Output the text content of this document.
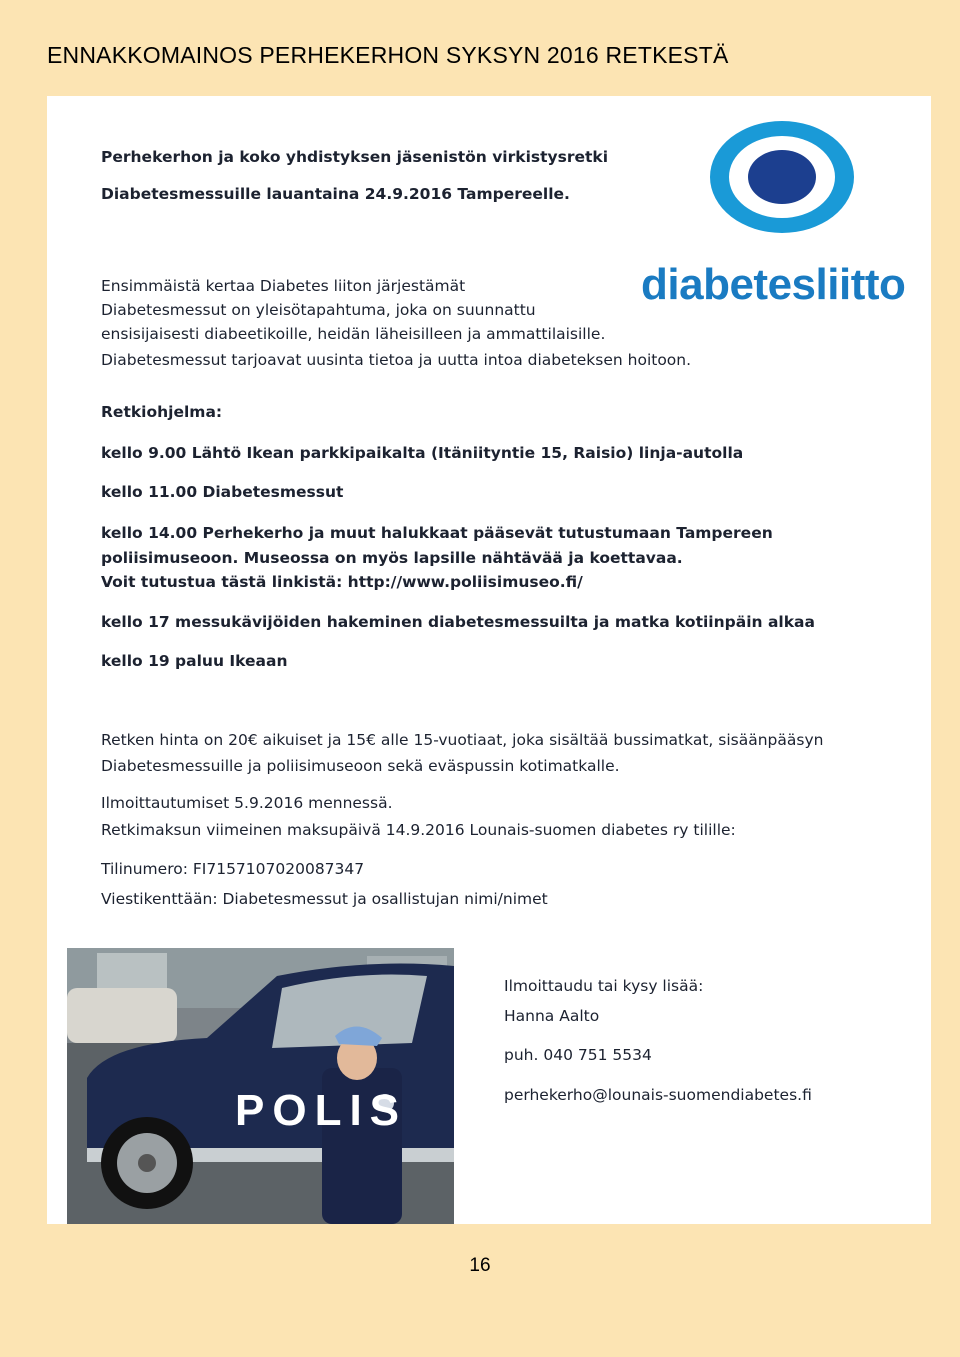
ENNAKKOMAINOS PERHEKERHON SYKSYN 2016 RETKESTÄ
Perhekerhon ja koko yhdistyksen jäsenistön virkistysretki
Diabetesmessuille lauantaina 24.9.2016 Tampereelle.
diabetesliitto
Ensimmäistä kertaa Diabetes liiton järjestämät
Diabetesmessut on yleisötapahtuma, joka on suunnattu
ensisijaisesti diabeetikoille, heidän läheisilleen ja ammattilaisille.
Diabetesmessut tarjoavat uusinta tietoa ja uutta intoa diabeteksen hoitoon.
Retkiohjelma:
kello 9.00 Lähtö Ikean parkkipaikalta (Itäniityntie 15, Raisio) linja-autolla
kello 11.00 Diabetesmessut
kello 14.00 Perhekerho ja muut halukkaat pääsevät tutustumaan Tampereen
poliisimuseoon. Museossa on myös lapsille nähtävää ja koettavaa.
Voit tutustua tästä linkistä: http://www.poliisimuseo.fi/
kello 17 messukävijöiden hakeminen diabetesmessuilta ja matka kotiinpäin alkaa
kello 19 paluu Ikeaan
Retken hinta on 20€ aikuiset ja 15€ alle 15-vuotiaat, joka sisältää bussimatkat, sisäänpääsyn
Diabetesmessuille ja poliisimuseoon sekä eväspussin kotimatkalle.
Ilmoittautumiset 5.9.2016 mennessä.
Retkimaksun viimeinen maksupäivä 14.9.2016 Lounais-suomen diabetes ry tilille:
Tilinumero: FI7157107020087347
Viestikenttään: Diabetesmessut ja osallistujan nimi/nimet
POLIS
Ilmoittaudu tai kysy lisää:
Hanna Aalto
puh. 040 751 5534
perhekerho@lounais-suomendiabetes.fi
16
